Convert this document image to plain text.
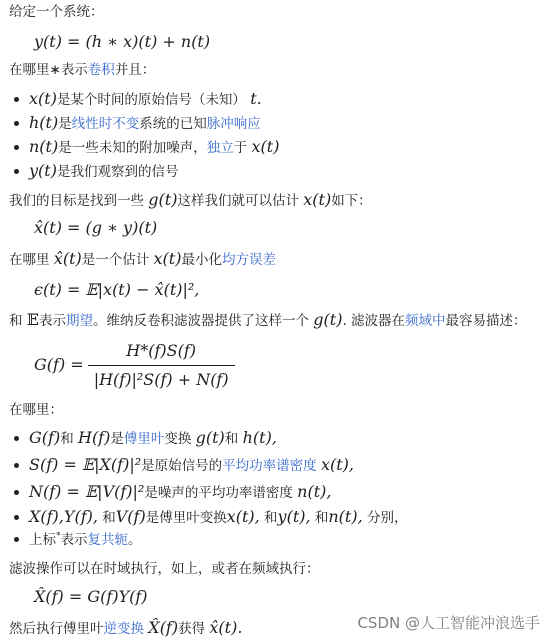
给定一个系统：
y(t) = (h ∗ x)(t) + n(t)
在哪里∗表示卷积并且：
x(t)是某个时间的原始信号（未知） t.
h(t)是线性时不变系统的已知脉冲响应
n(t)是一些未知的附加噪声，独立于 x(t)
y(t)是我们观察到的信号
我们的目标是找到一些 g(t)这样我们就可以估计 x(t)如下：
x̂(t) = (g ∗ y)(t)
在哪里 x̂(t)是一个估计 x(t)最小化均方误差
ϵ(t) = 𝔼|x(t) − x̂(t)|²,
和 𝔼表示期望。维纳反卷积滤波器提供了这样一个 g(t). 滤波器在频域中最容易描述：
$G(f) = \frac{H*(f)S(f)}{\text{|H(f)|²S(f) + N(f)}}$
在哪里：
G(f)和 H(f)是傅里叶变换 g(t)和 h(t),
S(f) = 𝔼|X(f)|²是原始信号的平均功率谱密度 x(t),
N(f) = 𝔼|V(f)|²是噪声的平均功率谱密度 n(t),
X(f),Y(f), 和V(f)是傅里叶变换x(t), 和y(t), 和n(t), 分别，
上标*表示复共轭。
滤波操作可以在时域执行，如上，或者在频域执行：
X̂(f) = G(f)Y(f)
然后执行傅里叶逆变换 X̂(f)获得 x̂(t).	CSDN @人工智能冲浪选手
